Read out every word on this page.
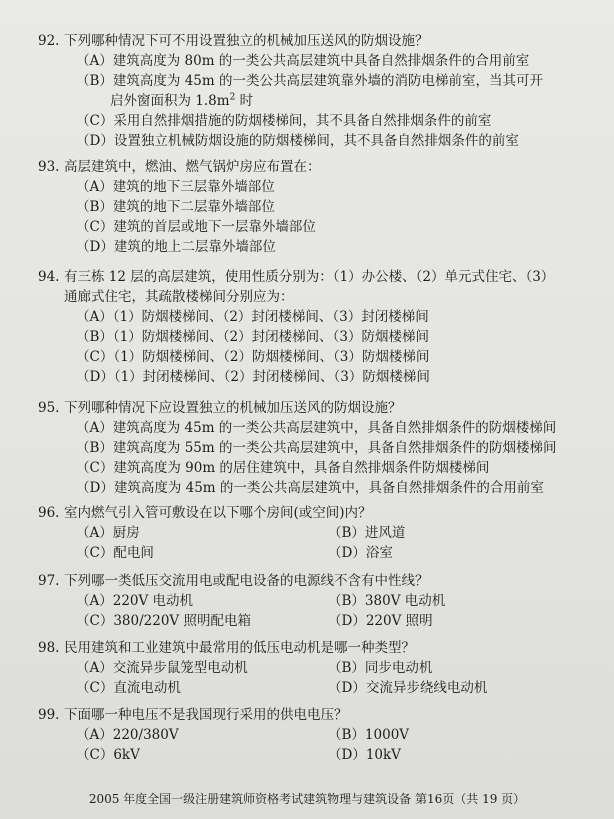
92. 下列哪种情况下可不用设置独立的机械加压送风的防烟设施？
（A）建筑高度为 80m 的一类公共高层建筑中具备自然排烟条件的合用前室
（B）建筑高度为 45m 的一类公共高层建筑靠外墙的消防电梯前室，当其可开
启外窗面积为 $1.8m^2$ 时
（C）采用自然排烟措施的防烟楼梯间，其不具备自然排烟条件的前室
（D）设置独立机械防烟设施的防烟楼梯间，其不具备自然排烟条件的前室
93. 高层建筑中，燃油、燃气锅炉房应布置在：
（A）建筑的地下三层靠外墙部位
（B）建筑的地下二层靠外墙部位
（C）建筑的首层或地下一层靠外墙部位
（D）建筑的地上二层靠外墙部位
94. 有三栋 12 层的高层建筑，使用性质分别为：（1）办公楼、（2）单元式住宅、（3）
通廊式住宅，其疏散楼梯间分别应为：
（A）（1）防烟楼梯间、（2）封闭楼梯间、（3）封闭楼梯间
（B）（1）防烟楼梯间、（2）封闭楼梯间、（3）防烟楼梯间
（C）（1）防烟楼梯间、（2）防烟楼梯间、（3）防烟楼梯间
（D）（1）封闭楼梯间、（2）封闭楼梯间、（3）防烟楼梯间
95. 下列哪种情况下应设置独立的机械加压送风的防烟设施？
（A）建筑高度为 45m 的一类公共高层建筑中，具备自然排烟条件的防烟楼梯间
（B）建筑高度为 55m 的一类公共高层建筑中，具备自然排烟条件的防烟楼梯间
（C）建筑高度为 90m 的居住建筑中，具备自然排烟条件防烟楼梯间
（D）建筑高度为 45m 的一类公共高层建筑中，具备自然排烟条件的合用前室
96. 室内燃气引入管可敷设在以下哪个房间(或空间)内？
（A）厨房	（B）进风道
（C）配电间	（D）浴室
97. 下列哪一类低压交流用电或配电设备的电源线不含有中性线？
（A）220V 电动机	（B）380V 电动机
（C）380/220V 照明配电箱	（D）220V 照明
98. 民用建筑和工业建筑中最常用的低压电动机是哪一种类型？
（A）交流异步鼠笼型电动机	（B）同步电动机
（C）直流电动机	（D）交流异步绕线电动机
99. 下面哪一种电压不是我国现行采用的供电电压？
（A）220/380V	（B）1000V
（C）6kV	（D）10kV
2005 年度全国一级注册建筑师资格考试建筑物理与建筑设备 第16页（共 19 页）
